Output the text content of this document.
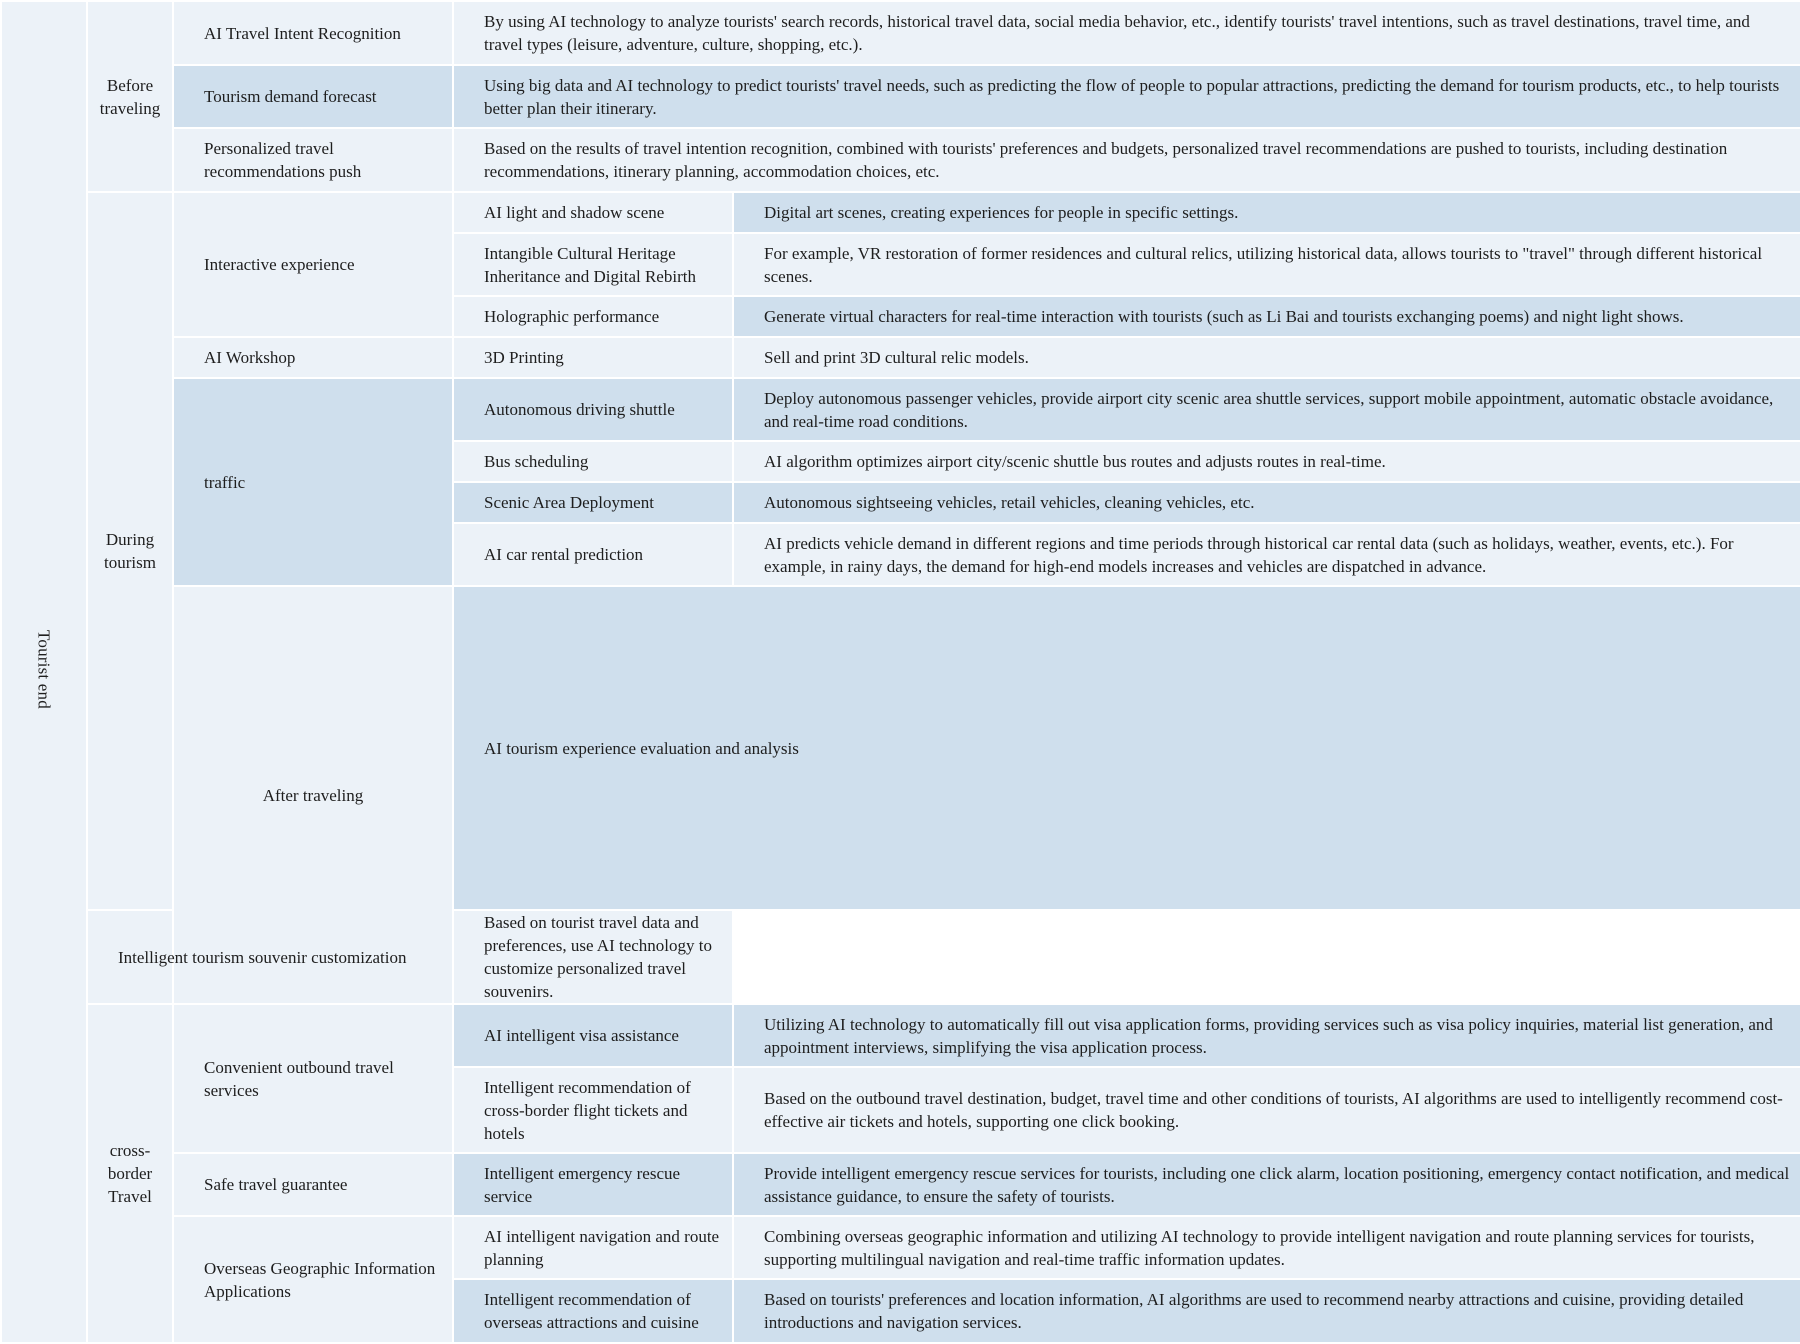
Tourist end	Before traveling	AI Travel Intent Recognition	By using AI technology to analyze tourists' search records, historical travel data, social media behavior, etc., identify tourists' travel intentions, such as travel destinations, travel time, and travel types (leisure, adventure, culture, shopping, etc.).		
		Tourism demand forecast	Using big data and AI technology to predict tourists' travel needs, such as predicting the flow of people to popular attractions, predicting the demand for tourism products, etc., to help tourists better plan their itinerary.		
		Personalized travel recommendations push	Based on the results of travel intention recognition, combined with tourists' preferences and budgets, personalized travel recommendations are pushed to tourists, including destination recommendations, itinerary planning, accommodation choices, etc.		
	During tourism	Interactive experience	AI light and shadow scene	Digital art scenes, creating experiences for people in specific settings.	
			Intangible Cultural Heritage Inheritance and Digital Rebirth	For example, VR restoration of former residences and cultural relics, utilizing historical data, allows tourists to "travel" through different historical scenes.	
			Holographic performance	Generate virtual characters for real-time interaction with tourists (such as Li Bai and tourists exchanging poems) and night light shows.	
		AI Workshop	3D Printing	Sell and print 3D cultural relic models.	
		traffic	Autonomous driving shuttle	Deploy autonomous passenger vehicles, provide airport city scenic area shuttle services, support mobile appointment, automatic obstacle avoidance, and real-time road conditions.	
			Bus scheduling	AI algorithm optimizes airport city/scenic shuttle bus routes and adjusts routes in real-time.	
			Scenic Area Deployment	Autonomous sightseeing vehicles, retail vehicles, cleaning vehicles, etc.	
			AI car rental prediction	AI predicts vehicle demand in different regions and time periods through historical car rental data (such as holidays, weather, events, etc.). For example, in rainy days, the demand for high-end models increases and vehicles are dispatched in advance.	
		After traveling	AI tourism experience evaluation and analysis	
	Intelligent tourism souvenir customization		Based on tourist travel data and preferences, use AI technology to customize personalized travel souvenirs.		
	cross-border Travel	Convenient outbound travel services	AI intelligent visa assistance	Utilizing AI technology to automatically fill out visa application forms, providing services such as visa policy inquiries, material list generation, and appointment interviews, simplifying the visa application process.	
			Intelligent recommendation of cross-border flight tickets and hotels	Based on the outbound travel destination, budget, travel time and other conditions of tourists, AI algorithms are used to intelligently recommend cost-effective air tickets and hotels, supporting one click booking.	
		Safe travel guarantee	Intelligent emergency rescue service	Provide intelligent emergency rescue services for tourists, including one click alarm, location positioning, emergency contact notification, and medical assistance guidance, to ensure the safety of tourists.	
		Overseas Geographic Information Applications	AI intelligent navigation and route planning	Combining overseas geographic information and utilizing AI technology to provide intelligent navigation and route planning services for tourists, supporting multilingual navigation and real-time traffic information updates.	
			Intelligent recommendation of overseas attractions and cuisine	Based on tourists' preferences and location information, AI algorithms are used to recommend nearby attractions and cuisine, providing detailed introductions and navigation services.	
